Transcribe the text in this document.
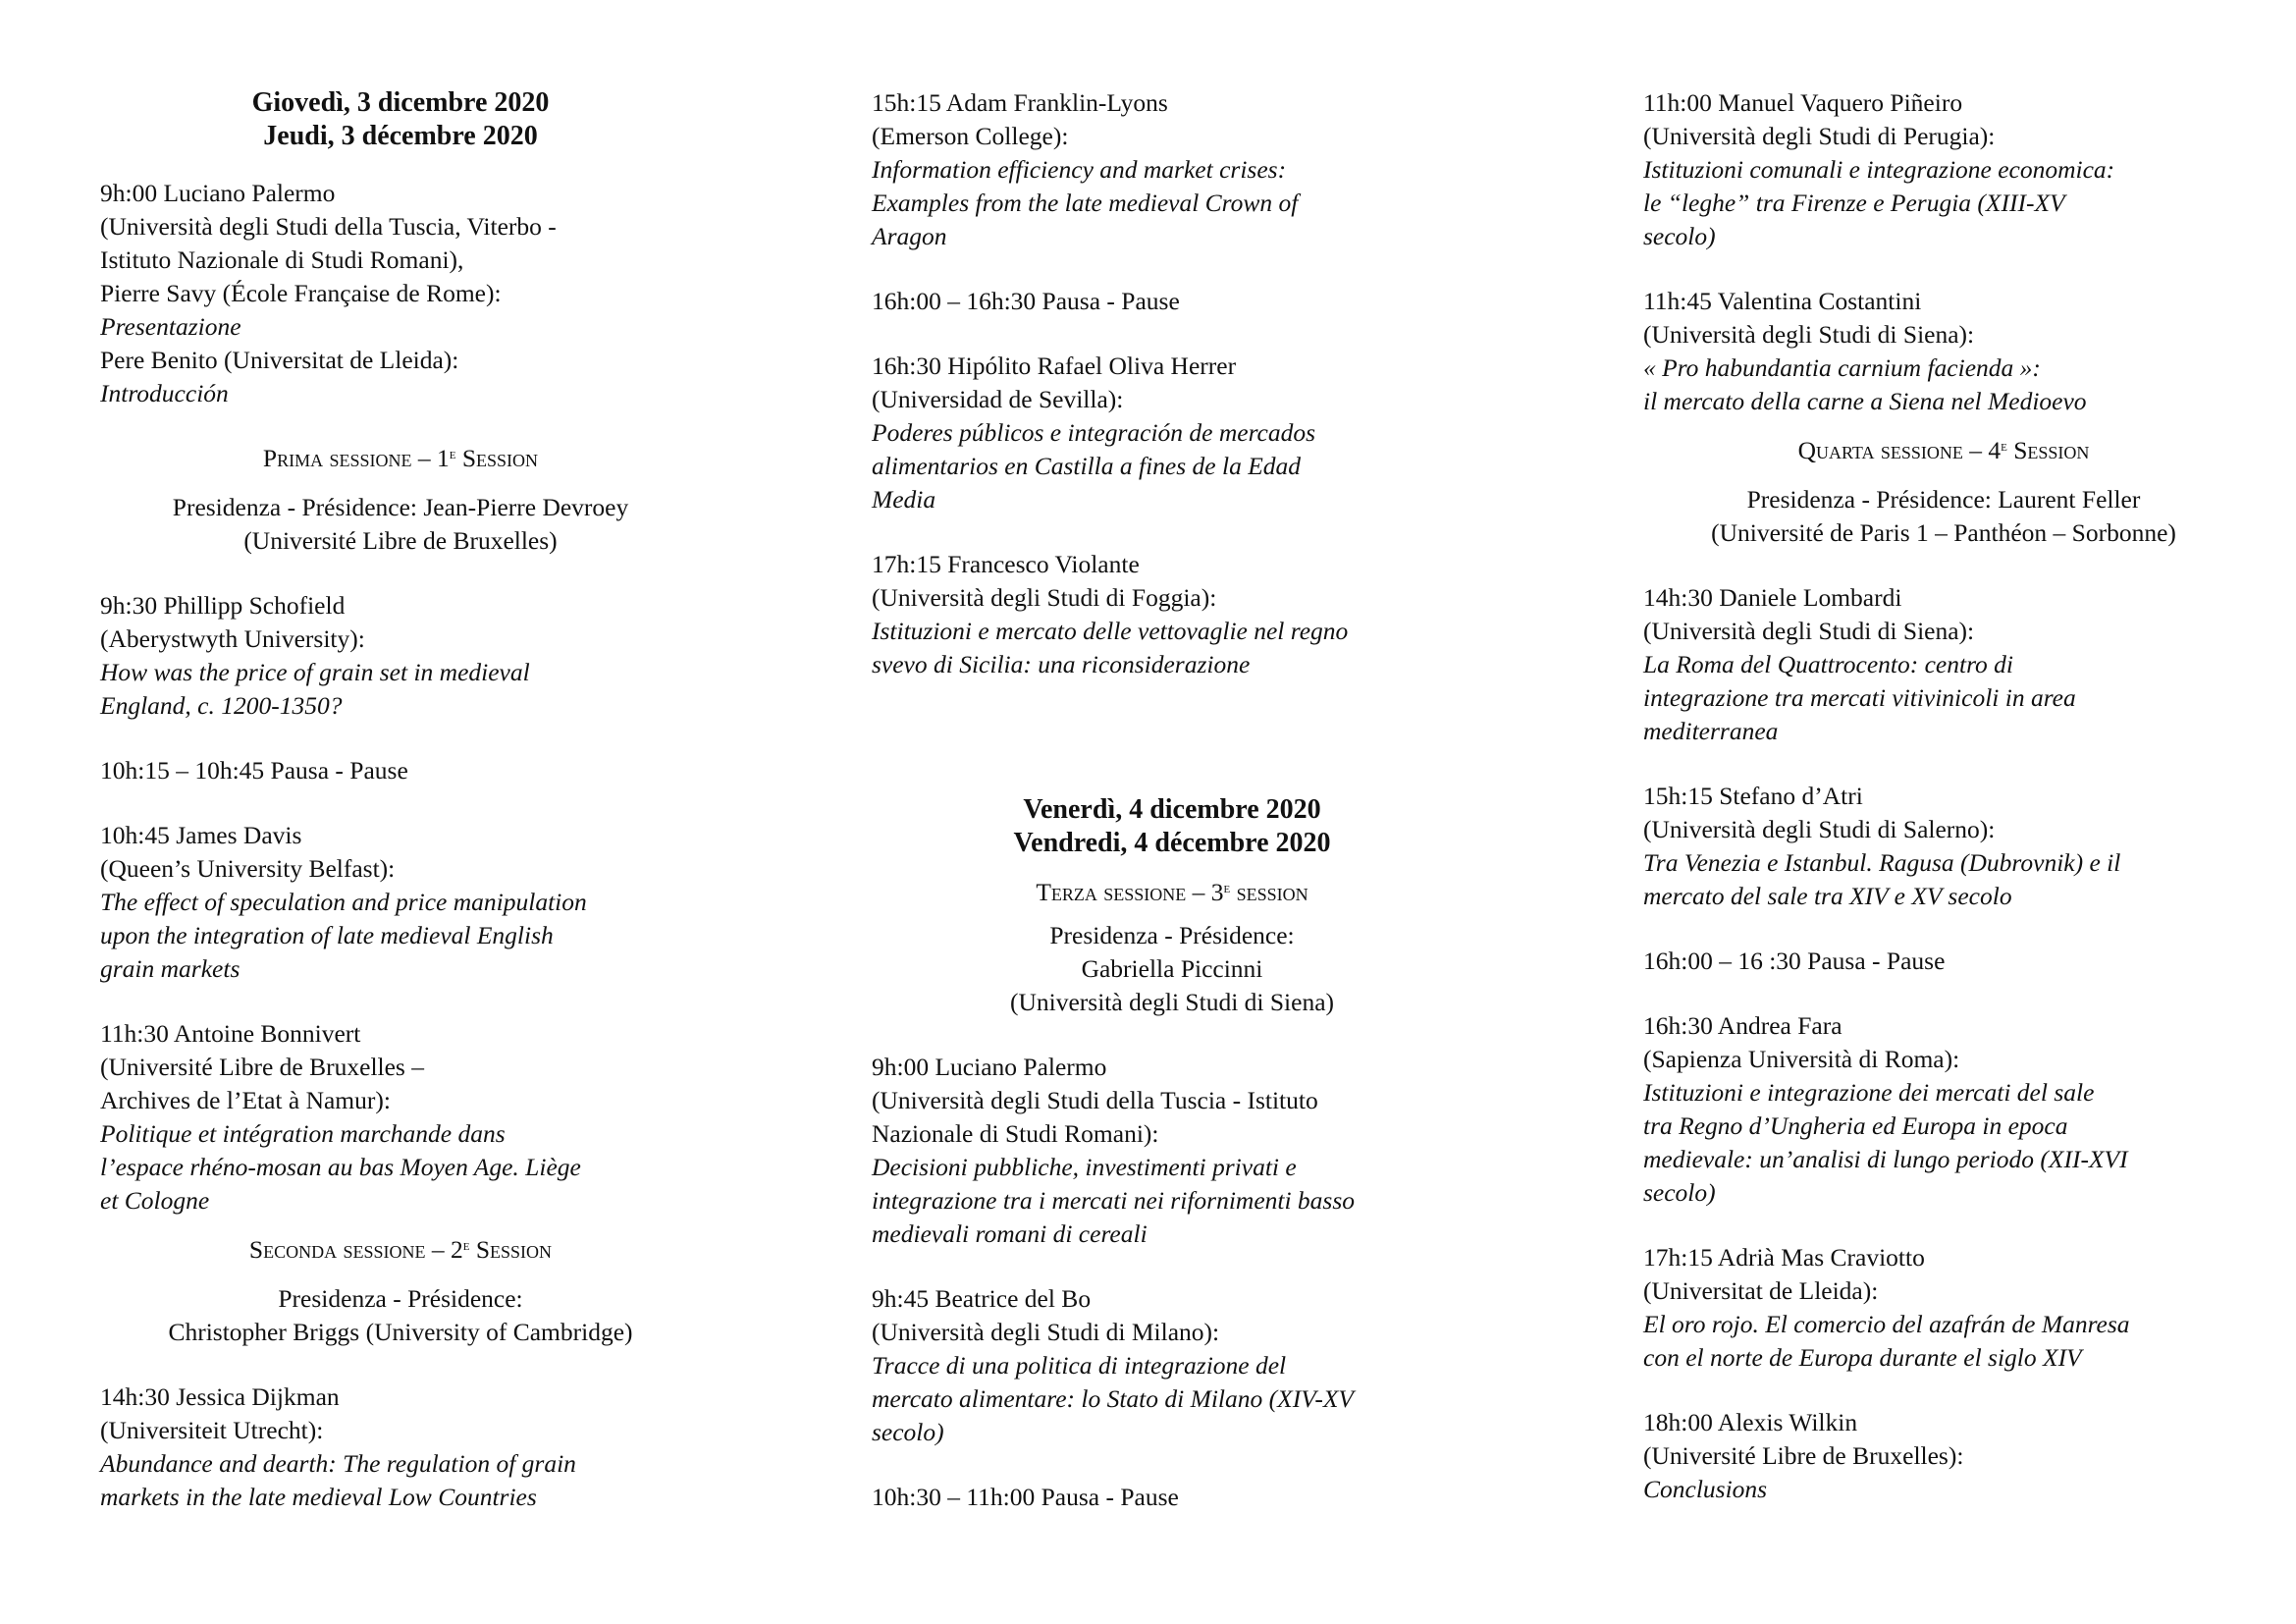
Giovedì, 3 dicembre 2020
Jeudi, 3 décembre 2020
9h:00 Luciano Palermo
(Università degli Studi della Tuscia, Viterbo -
Istituto Nazionale di Studi Romani),
Pierre Savy (École Française de Rome):
Presentazione
Pere Benito (Universitat de Lleida):
Introducción
Prima sessione – 1e Session
Presidenza - Présidence: Jean-Pierre Devroey
(Université Libre de Bruxelles)
9h:30 Phillipp Schofield
(Aberystwyth University):
How was the price of grain set in medieval
England, c. 1200-1350?
10h:15 – 10h:45 Pausa - Pause
10h:45 James Davis
(Queen’s University Belfast):
The effect of speculation and price manipulation
upon the integration of late medieval English
grain markets
11h:30 Antoine Bonnivert
(Université Libre de Bruxelles –
Archives de l’Etat à Namur):
Politique et intégration marchande dans
l’espace rhéno-mosan au bas Moyen Age. Liège
et Cologne
Seconda sessione – 2e Session
Presidenza - Présidence:
Christopher Briggs (University of Cambridge)
14h:30 Jessica Dijkman
(Universiteit Utrecht):
Abundance and dearth: The regulation of grain
markets in the late medieval Low Countries
15h:15 Adam Franklin-Lyons
(Emerson College):
Information efficiency and market crises:
Examples from the late medieval Crown of
Aragon
16h:00 – 16h:30 Pausa - Pause
16h:30 Hipólito Rafael Oliva Herrer
(Universidad de Sevilla):
Poderes públicos e integración de mercados
alimentarios en Castilla a fines de la Edad
Media
17h:15 Francesco Violante
(Università degli Studi di Foggia):
Istituzioni e mercato delle vettovaglie nel regno
svevo di Sicilia: una riconsiderazione
Venerdì, 4 dicembre 2020
Vendredi, 4 décembre 2020
Terza sessione – 3e session
Presidenza - Présidence:
Gabriella Piccinni
(Università degli Studi di Siena)
9h:00 Luciano Palermo
(Università degli Studi della Tuscia - Istituto
Nazionale di Studi Romani):
Decisioni pubbliche, investimenti privati e
integrazione tra i mercati nei rifornimenti basso
medievali romani di cereali
9h:45 Beatrice del Bo
(Università degli Studi di Milano):
Tracce di una politica di integrazione del
mercato alimentare: lo Stato di Milano (XIV-XV
secolo)
10h:30 – 11h:00 Pausa - Pause
11h:00 Manuel Vaquero Piñeiro
(Università degli Studi di Perugia):
Istituzioni comunali e integrazione economica:
le “leghe” tra Firenze e Perugia (XIII-XV
secolo)
11h:45 Valentina Costantini
(Università degli Studi di Siena):
« Pro habundantia carnium facienda »:
il mercato della carne a Siena nel Medioevo
Quarta sessione – 4e Session
Presidenza - Présidence: Laurent Feller
(Université de Paris 1 – Panthéon – Sorbonne)
14h:30 Daniele Lombardi
(Università degli Studi di Siena):
La Roma del Quattrocento: centro di
integrazione tra mercati vitivinicoli in area
mediterranea
15h:15 Stefano d’Atri
(Università degli Studi di Salerno):
Tra Venezia e Istanbul. Ragusa (Dubrovnik) e il
mercato del sale tra XIV e XV secolo
16h:00 – 16 :30 Pausa - Pause
16h:30 Andrea Fara
(Sapienza Università di Roma):
Istituzioni e integrazione dei mercati del sale
tra Regno d’Ungheria ed Europa in epoca
medievale: un’analisi di lungo periodo (XII-XVI
secolo)
17h:15 Adrià Mas Craviotto
(Universitat de Lleida):
El oro rojo. El comercio del azafrán de Manresa
con el norte de Europa durante el siglo XIV
18h:00 Alexis Wilkin
(Université Libre de Bruxelles):
Conclusions
